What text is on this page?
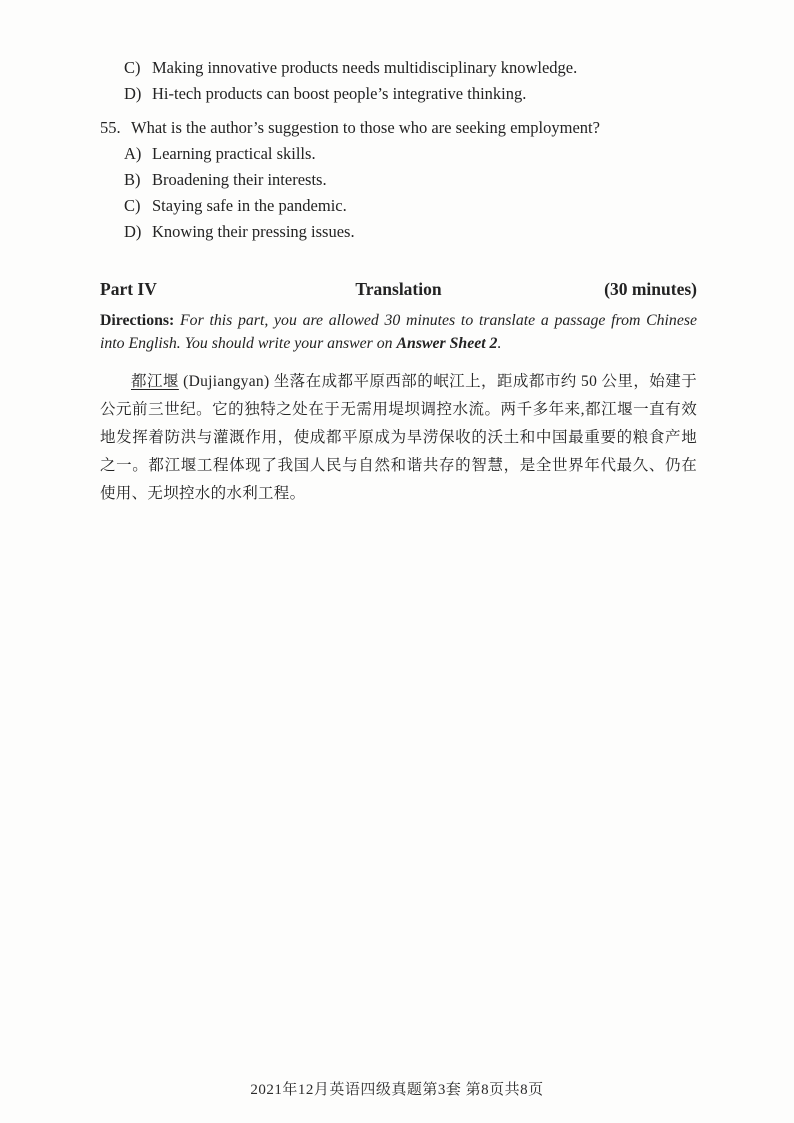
C) Making innovative products needs multidisciplinary knowledge.
D) Hi-tech products can boost people’s integrative thinking.
55. What is the author’s suggestion to those who are seeking employment?
A) Learning practical skills.
B) Broadening their interests.
C) Staying safe in the pandemic.
D) Knowing their pressing issues.
Part IV	Translation	(30 minutes)

Directions: For this part, you are allowed 30 minutes to translate a passage from Chinese into English. You should write your answer on Answer Sheet 2.

都江堰 (Dujiangyan) 坐落在成都平原西部的岷江上，距成都市约 50 公里，始建于公元前三世纪。它的独特之处在于无需用堤坝调控水流。两千多年来,都江堰一直有效地发挥着防洪与灌溉作用，使成都平原成为旱涝保收的沃土和中国最重要的粮食产地之一。都江堰工程体现了我国人民与自然和谐共存的智慧，是全世界年代最久、仍在使用、无坝控水的水利工程。

2021年12月英语四级真题第3套 第8页共8页
